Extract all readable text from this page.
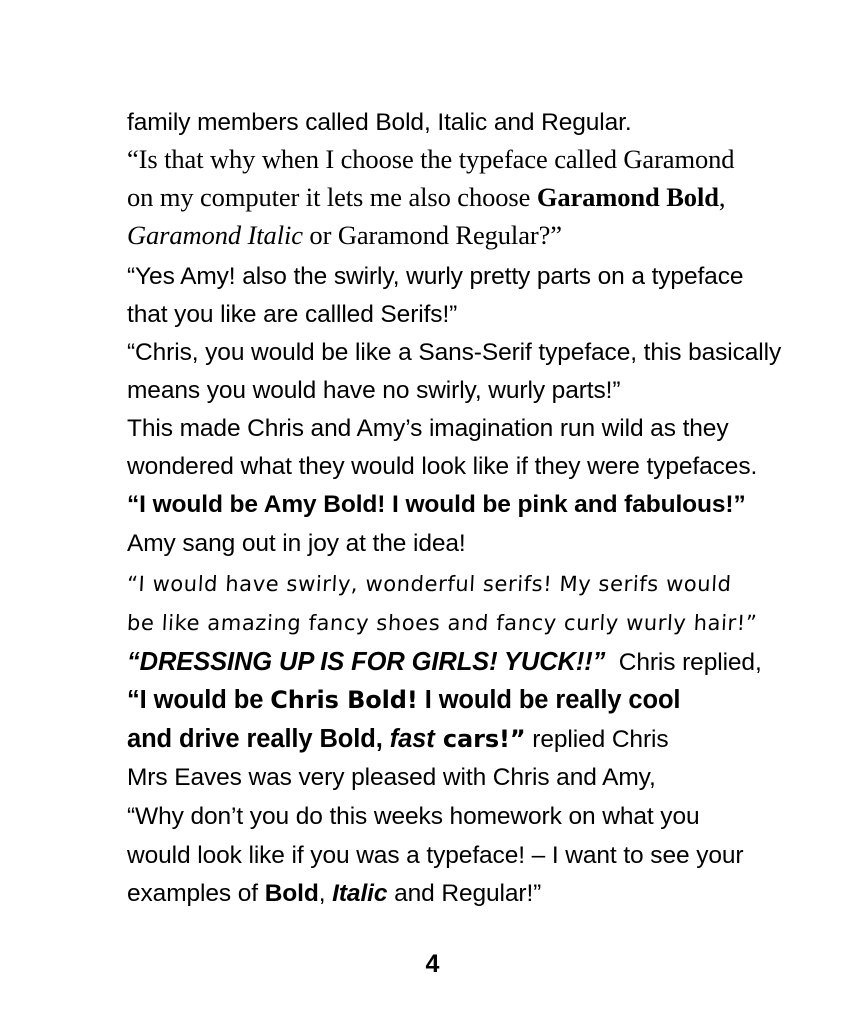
family members called Bold, Italic and Regular.
“Is that why when I choose the typeface called Garamond
on my computer it lets me also choose Garamond Bold,
Garamond Italic or Garamond Regular?”
“Yes Amy! also the swirly, wurly pretty parts on a typeface
that you like are callled Serifs!”
“Chris, you would be like a Sans-Serif typeface, this basically
means you would have no swirly, wurly parts!”
This made Chris and Amy’s imagination run wild as they
wondered what they would look like if they were typefaces.
“I would be Amy Bold! I would be pink and fabulous!”
Amy sang out in joy at the idea!
“I would have swirly, wonderful serifs! My serifs would
be like amazing fancy shoes and fancy curly wurly hair!”
“DRESSING UP IS FOR GIRLS! YUCK!!” Chris replied,
“I would be Chris Bold! I would be really cool
and drive really Bold, fast cars!” replied Chris
Mrs Eaves was very pleased with Chris and Amy,
“Why don’t you do this weeks homework on what you
would look like if you was a typeface! – I want to see your
examples of Bold, Italic and Regular!”
4
